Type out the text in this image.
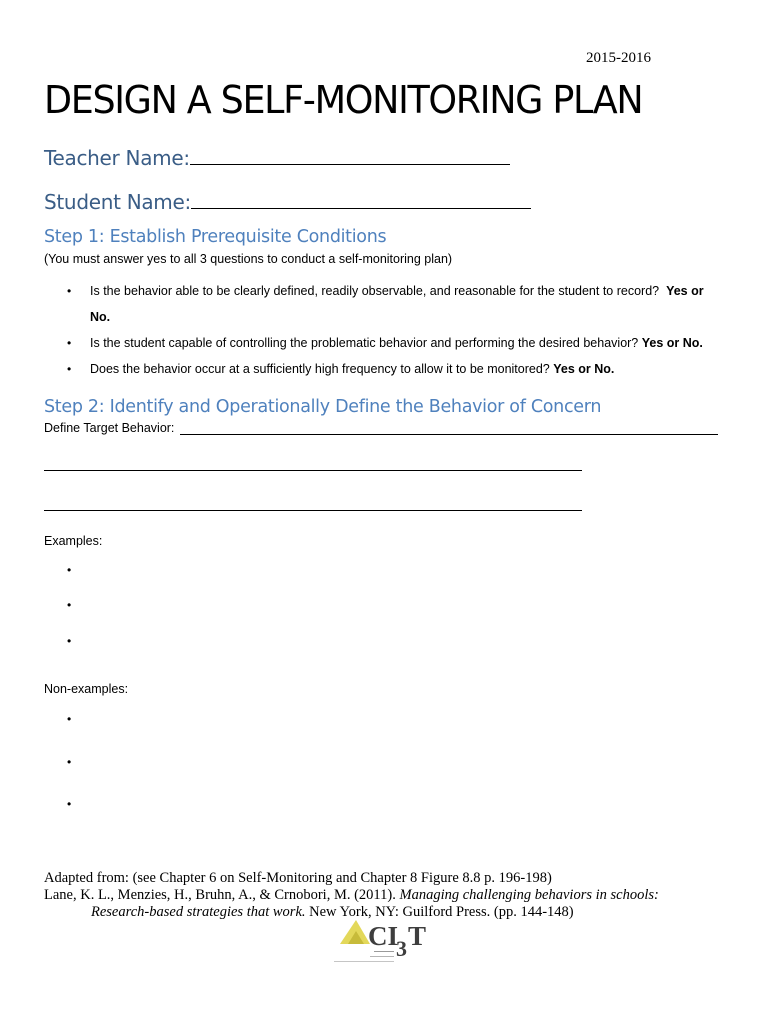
2015-2016
DESIGN A SELF-MONITORING PLAN
Teacher Name:
Student Name:
Step 1: Establish Prerequisite Conditions
(You must answer yes to all 3 questions to conduct a self-monitoring plan)
• Is the behavior able to be clearly defined, readily observable, and reasonable for the student to record? Yes or
No.
• Is the student capable of controlling the problematic behavior and performing the desired behavior? Yes or No.
• Does the behavior occur at a sufficiently high frequency to allow it to be monitored? Yes or No.
Step 2: Identify and Operationally Define the Behavior of Concern
Define Target Behavior:
Examples:
•
•
•
Non-examples:
•
•
•
Adapted from: (see Chapter 6 on Self-Monitoring and Chapter 8 Figure 8.8 p. 196-198)
Lane, K. L., Menzies, H., Bruhn, A., & Crnobori, M. (2011). Managing challenging behaviors in schools:
Research-based strategies that work. New York, NY: Guilford Press. (pp. 144-148)
CI
3 T
